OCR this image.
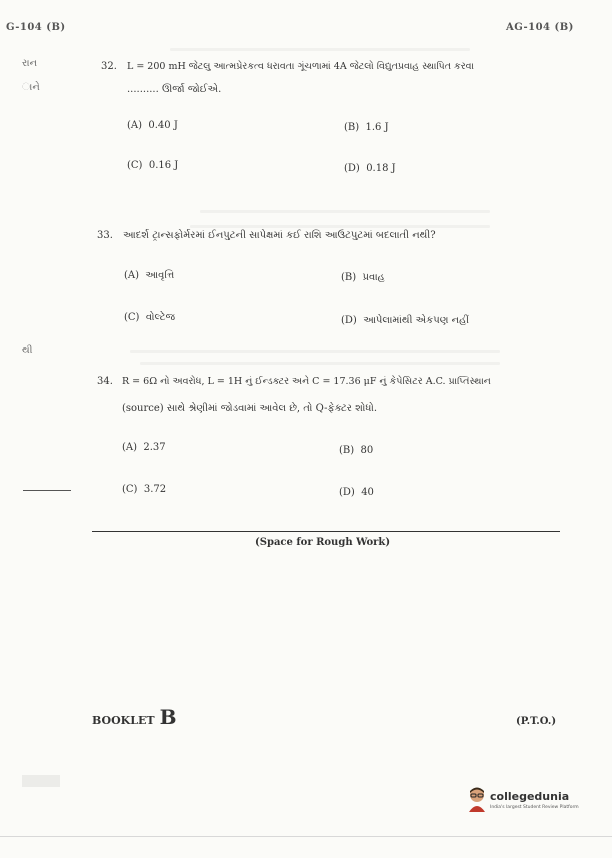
G-104 (B)	AG-104 (B)
રાન
ાને
થી
32. L = 200 mH જેટલુ આત્મપ્રેરકત્વ ધરાવતા ગૂંચળામાં 4A જેટલો વિદ્યુતપ્રવાહ સ્થાપિત કરવા
.......... ઊર્જા જોઈએ.
(A) 0.40 J	(B) 1.6 J
(C) 0.16 J	(D) 0.18 J
33. આદર્શ ટ્રાન્સફોર્મરમાં ઈનપુટની સાપેક્ષમાં કઈ રાશિ આઉટપુટમાં બદલાતી નથી?
(A) આવૃત્તિ	(B) પ્રવાહ
(C) વોલ્ટેજ	(D) આપેલામાંથી એકપણ નહીં
34. R = 6Ω નો અવરોધ, L = 1H નું ઈન્ડક્ટર અને C = 17.36 μF નું કેપેસિટર A.C. પ્રાપ્તિસ્થાન
(source) સાથે શ્રેણીમાં જોડવામાં આવેલ છે, તો Q-ફેક્ટર શોધો.
(A) 2.37	(B) 80
(C) 3.72	(D) 40
(Space for Rough Work)
BOOKLET B	(P.T.O.)
collegedunia
India's largest Student Review Platform
